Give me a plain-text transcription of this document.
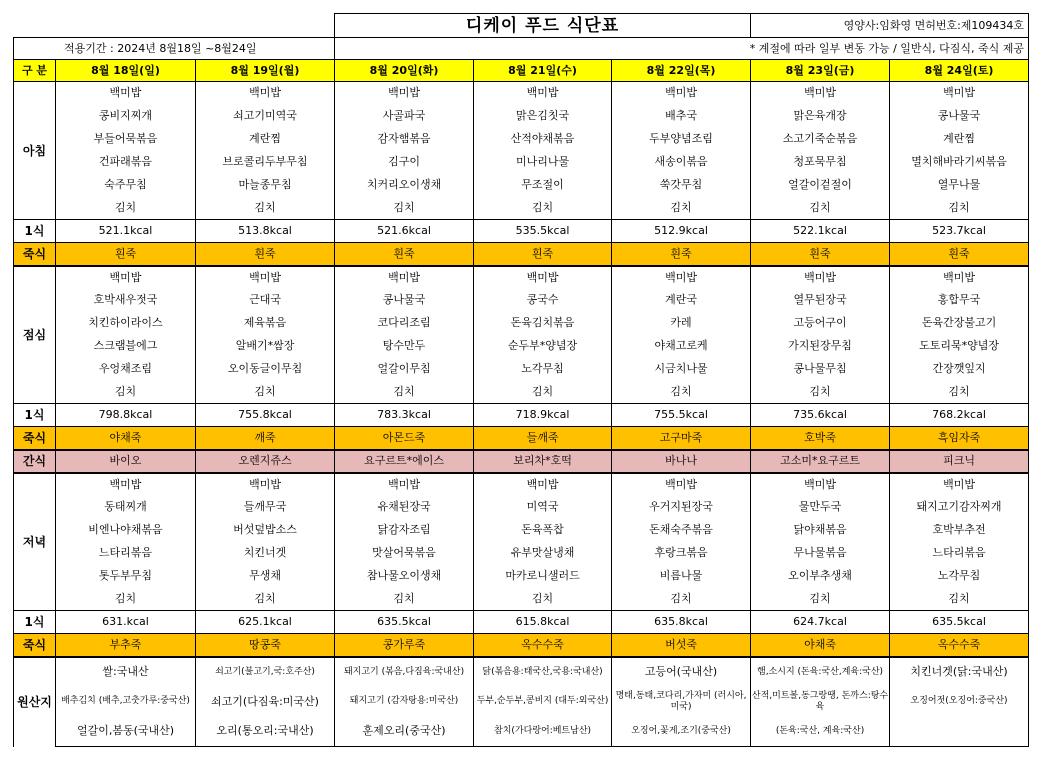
			디케이 푸드 식단표			영양사:임화영 면허번호:제109434호	
적용기간 : 2024년 8월18일 ~8월24일			* 계절에 따라 일부 변동 가능 / 일반식, 다짐식, 죽식 제공				
구 분	8월 18일(일)	8월 19일(월)	8월 20일(화)	8월 21일(수)	8월 22일(목)	8월 23일(금)	8월 24일(토)
아침	백미밥	백미밥	백미밥	백미밥	백미밥	백미밥	백미밥
	콩비지찌개	쇠고기미역국	사골파국	맑은김칫국	배추국	맑은육개장	콩나물국
	부들어묵볶음	계란찜	감자햄볶음	산적야채볶음	두부양념조림	소고기죽순볶음	계란찜
	건파래볶음	브로콜리두부무침	김구이	미나리나물	새송이볶음	청포묵무침	멸치해바라기씨볶음
	숙주무침	마늘종무침	치커리오이생채	무조절이	쑥갓무침	얼갈이겉절이	열무나물
	김치	김치	김치	김치	김치	김치	김치
1식	521.1kcal	513.8kcal	521.6kcal	535.5kcal	512.9kcal	522.1kcal	523.7kcal
죽식	흰죽	흰죽	흰죽	흰죽	흰죽	흰죽	흰죽
점심	백미밥	백미밥	백미밥	백미밥	백미밥	백미밥	백미밥
	호박새우젓국	근대국	콩나물국	콩국수	계란국	열무된장국	홍합무국
	치킨하이라이스	제육볶음	코다리조림	돈육김치볶음	카레	고등어구이	돈육간장불고기
	스크램블에그	알배기*쌈장	탕수만두	순두부*양념장	야채고로케	가지된장무침	도토리묵*양념장
	우엉채조림	오이동글이무침	얼갈이무침	노각무침	시금치나물	콩나물무침	간장깻잎지
	김치	김치	김치	김치	김치	김치	김치
1식	798.8kcal	755.8kcal	783.3kcal	718.9kcal	755.5kcal	735.6kcal	768.2kcal
죽식	야채죽	깨죽	아몬드죽	들깨죽	고구마죽	호박죽	흑임자죽
간식	바이오	오렌지쥬스	요구르트*에이스	보리차*호떡	바나나	고소미*요구르트	피크닉
저녁	백미밥	백미밥	백미밥	백미밥	백미밥	백미밥	백미밥
	동태찌개	들깨무국	유채된장국	미역국	우거지된장국	물만두국	돼지고기감자찌개
	비엔나야채볶음	버섯덮밥소스	닭감자조림	돈육폭찹	돈채숙주볶음	닭야채볶음	호박부추전
	느타리볶음	치킨너겟	맛살어묵볶음	유부맛살냉채	후랑크볶음	무나물볶음	느타리볶음
	톳두부무침	무생채	참나물오이생채	마카로니샐러드	비름나물	오이부추생채	노각무침
	김치	김치	김치	김치	김치	김치	김치
1식	631.kcal	625.1kcal	635.5kcal	615.8kcal	635.8kcal	624.7kcal	635.5kcal
죽식	부추죽	땅콩죽	콩가루죽	옥수수죽	버섯죽	야채죽	옥수수죽
원산지	쌀:국내산	쇠고기(불고기,국:호주산)	돼지고기 (볶음,다짐육:국내산)	닭(볶음용:태국산,국용:국내산)	고등어(국내산)	햄,소시지 (돈육:국산,계육:국산)	치킨너겟(닭:국내산)
	배추김치 (배추,고춧가루:중국산)	쇠고기(다짐육:미국산)	돼지고기 (감자탕용:미국산)	두부,순두부,콩비지 (대두:외국산)	명태,동태,코다리,가자미 (러시아,미국)	산적,미트볼,동그랑땡, 돈까스:탕수육	오징어젓(오징어:중국산)
	얼갈이,봄동(국내산)	오리(통오리:국내산)	훈제오리(중국산)	참치(가다랑어:베트남산)	오징어,꽃게,조기(중국산)	(돈육:국산, 계육:국산)	
